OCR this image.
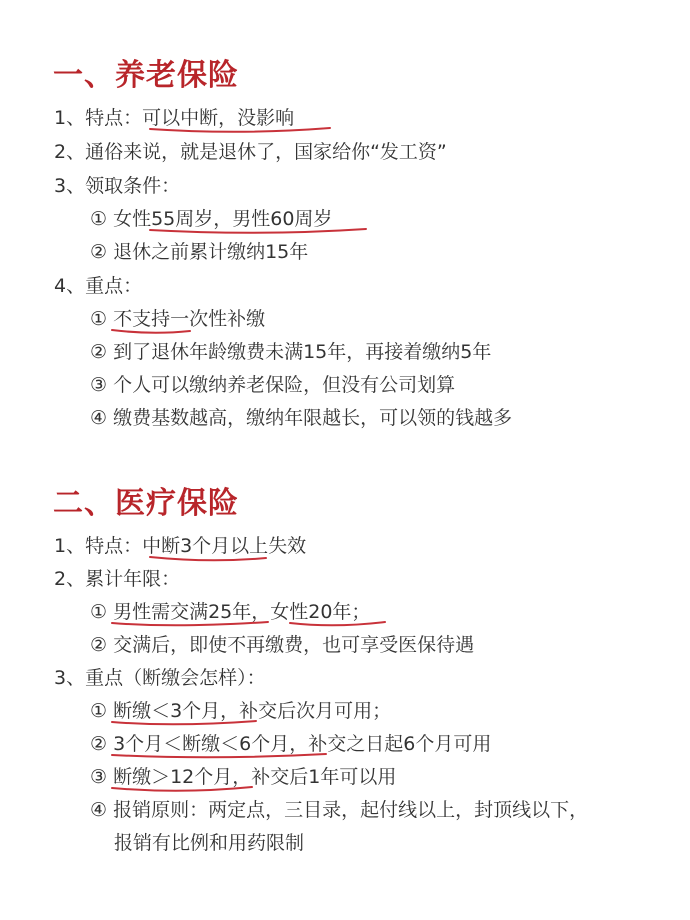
一、养老保险
1、特点：可以中断，没影响
2、通俗来说，就是退休了，国家给你“发工资”
3、领取条件：
① 女性55周岁，男性60周岁
② 退休之前累计缴纳15年
4、重点：
① 不支持一次性补缴
② 到了退休年龄缴费未满15年，再接着缴纳5年
③ 个人可以缴纳养老保险，但没有公司划算
④ 缴费基数越高，缴纳年限越长，可以领的钱越多
二、医疗保险
1、特点：中断3个月以上失效
2、累计年限：
① 男性需交满25年，女性20年；
② 交满后，即使不再缴费，也可享受医保待遇
3、重点（断缴会怎样）：
① 断缴＜3个月，补交后次月可用；
② 3个月＜断缴＜6个月，补交之日起6个月可用
③ 断缴＞12个月，补交后1年可以用
④ 报销原则：两定点，三目录，起付线以上，封顶线以下，
报销有比例和用药限制
